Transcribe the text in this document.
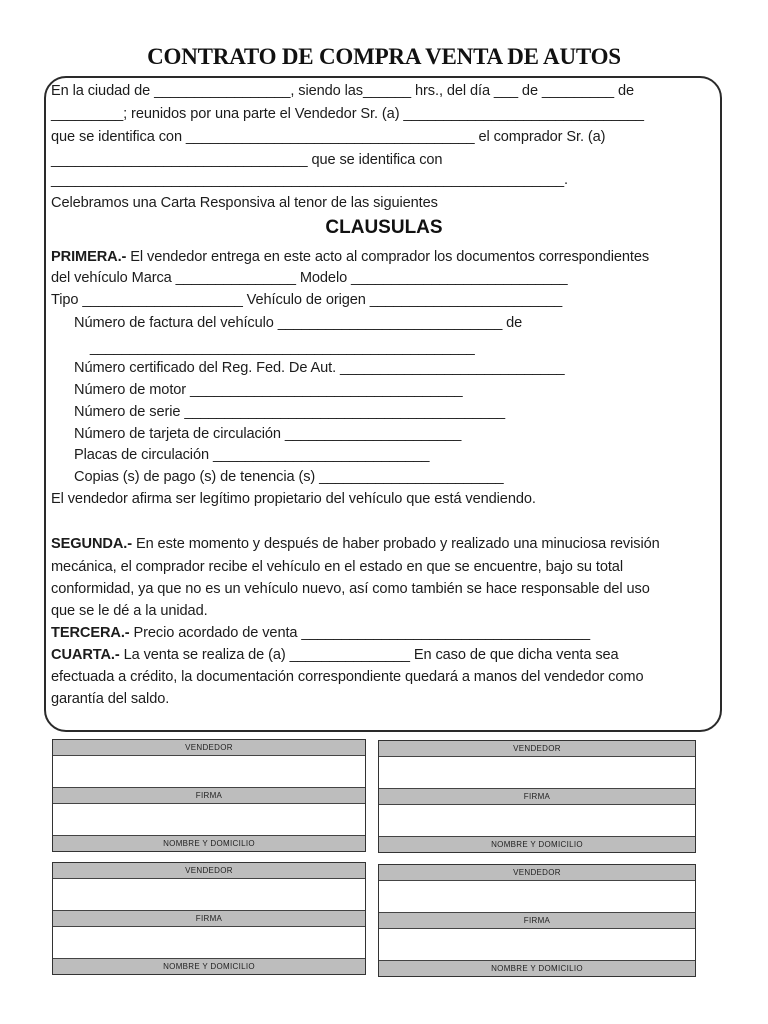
CONTRATO DE COMPRA VENTA DE AUTOS
En la ciudad de _________________, siendo las______ hrs., del día ___ de _________ de
_________; reunidos por una parte el Vendedor Sr. (a) ______________________________
que se identifica con ____________________________________ el comprador Sr. (a)
________________________________ que se identifica con
________________________________________________________________.
Celebramos una Carta Responsiva al tenor de las siguientes
CLAUSULAS
PRIMERA.- El vendedor entrega en este acto al comprador los documentos correspondientes
del vehículo Marca _______________ Modelo ___________________________
Tipo ____________________ Vehículo de origen ________________________
Número de factura del vehículo ____________________________ de
________________________________________________
Número certificado del Reg. Fed. De Aut. ____________________________
Número de motor __________________________________
Número de serie ________________________________________
Número de tarjeta de circulación ______________________
Placas de circulación ___________________________
Copias (s) de pago (s) de tenencia (s) _______________________
El vendedor afirma ser legítimo propietario del vehículo que está vendiendo.
SEGUNDA.- En este momento y después de haber probado y realizado una minuciosa revisión
mecánica, el comprador recibe el vehículo en el estado en que se encuentre, bajo su total
conformidad, ya que no es un vehículo nuevo, así como también se hace responsable del uso
que se le dé a la unidad.
TERCERA.- Precio acordado de venta ____________________________________
CUARTA.- La venta se realiza de (a) _______________ En caso de que dicha venta sea
efectuada a crédito, la documentación correspondiente quedará a manos del vendedor como
garantía del saldo.
VENDEDOR
FIRMA
NOMBRE Y DOMICILIO
VENDEDOR
FIRMA
NOMBRE Y DOMICILIO
VENDEDOR
FIRMA
NOMBRE Y DOMICILIO
VENDEDOR
FIRMA
NOMBRE Y DOMICILIO
